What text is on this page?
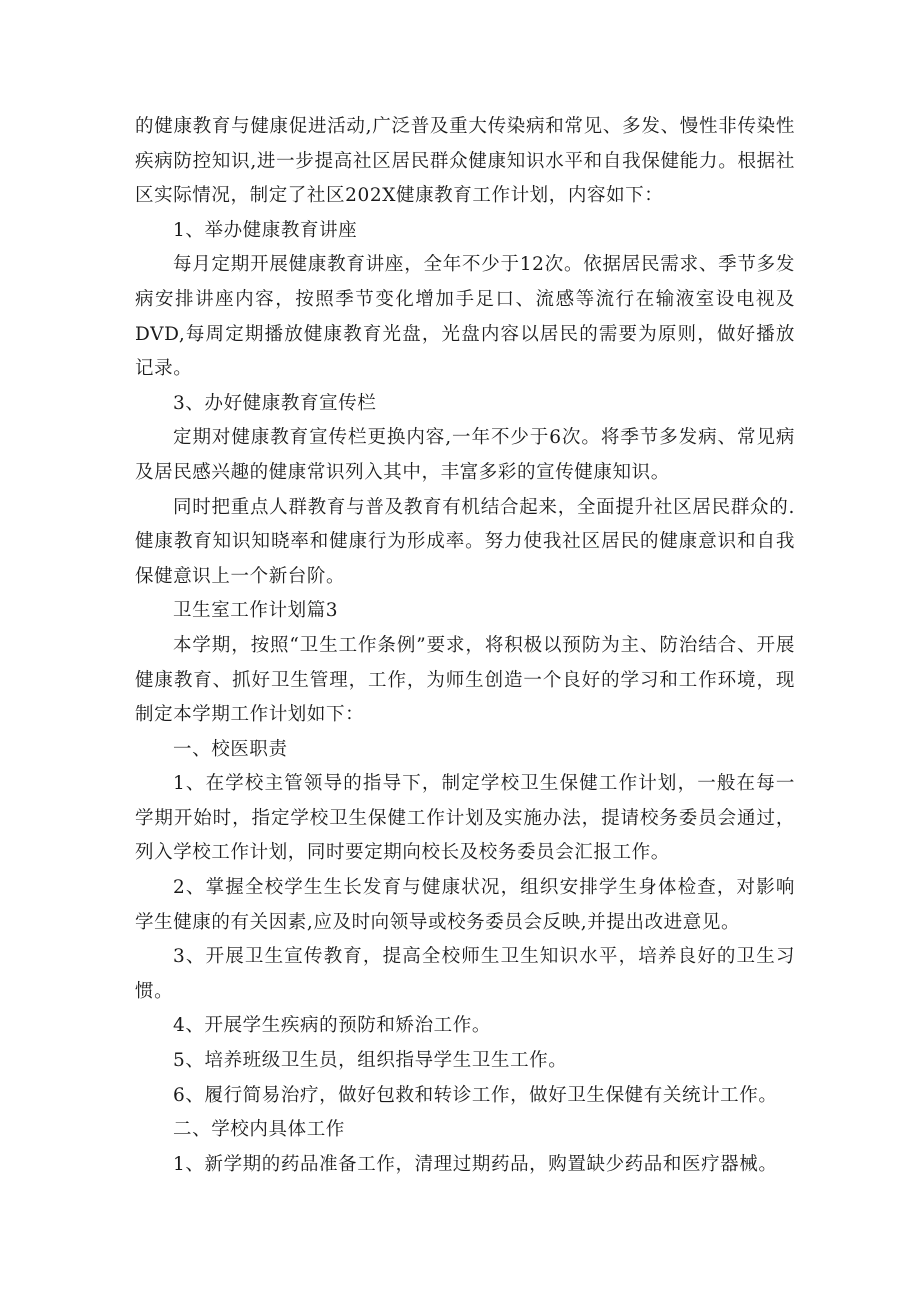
的健康教育与健康促进活动,广泛普及重大传染病和常见、多发、慢性非传染性疾病防控知识,进一步提高社区居民群众健康知识水平和自我保健能力。根据社区实际情况，制定了社区202X健康教育工作计划，内容如下：

1、举办健康教育讲座

每月定期开展健康教育讲座，全年不少于12次。依据居民需求、季节多发病安排讲座内容，按照季节变化增加手足口、流感等流行在输液室设电视及DVD,每周定期播放健康教育光盘，光盘内容以居民的需要为原则，做好播放记录。

3、办好健康教育宣传栏

定期对健康教育宣传栏更换内容,一年不少于6次。将季节多发病、常见病及居民感兴趣的健康常识列入其中，丰富多彩的宣传健康知识。

同时把重点人群教育与普及教育有机结合起来，全面提升社区居民群众的.健康教育知识知晓率和健康行为形成率。努力使我社区居民的健康意识和自我保健意识上一个新台阶。

卫生室工作计划篇3

本学期，按照“卫生工作条例”要求，将积极以预防为主、防治结合、开展健康教育、抓好卫生管理，工作，为师生创造一个良好的学习和工作环境，现制定本学期工作计划如下：

一、校医职责

1、在学校主管领导的指导下，制定学校卫生保健工作计划，一般在每一学期开始时，指定学校卫生保健工作计划及实施办法，提请校务委员会通过，列入学校工作计划，同时要定期向校长及校务委员会汇报工作。

2、掌握全校学生生长发育与健康状况，组织安排学生身体检查，对影响学生健康的有关因素,应及时向领导或校务委员会反映,并提出改进意见。

3、开展卫生宣传教育，提高全校师生卫生知识水平，培养良好的卫生习惯。

4、开展学生疾病的预防和矫治工作。

5、培养班级卫生员，组织指导学生卫生工作。

6、履行简易治疗，做好包救和转诊工作，做好卫生保健有关统计工作。

二、学校内具体工作

1、新学期的药品准备工作，清理过期药品，购置缺少药品和医疗器械。
